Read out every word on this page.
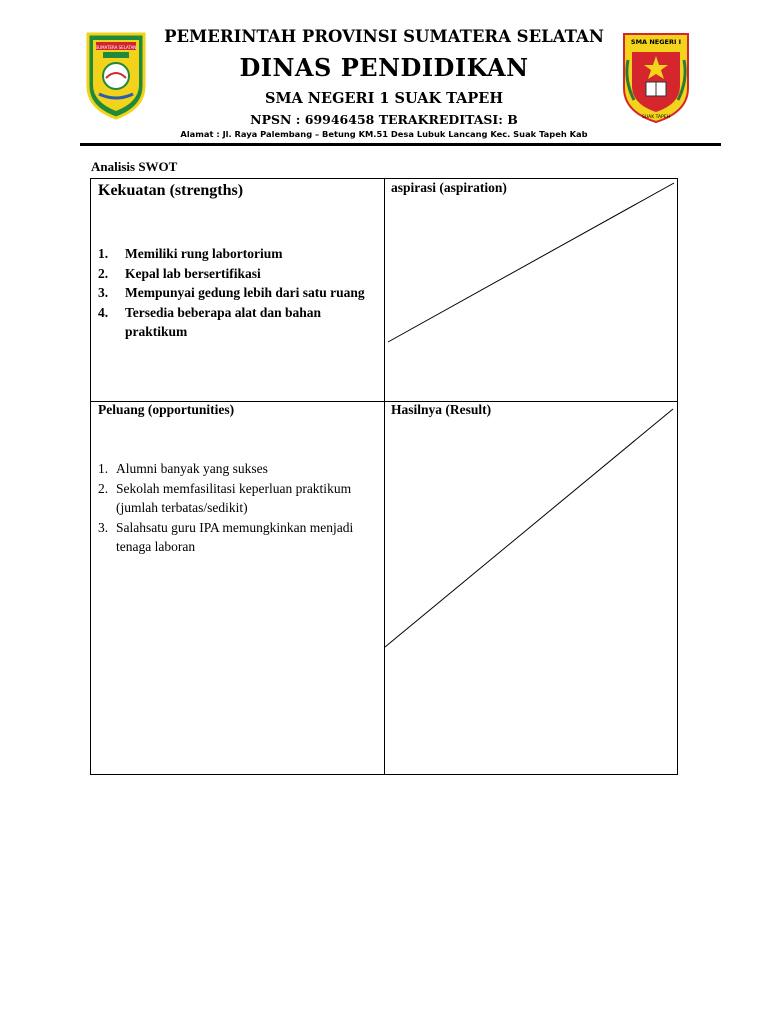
SUMATERA SELATAN
SMA NEGERI I
SUAK TAPEH
PEMERINTAH PROVINSI SUMATERA SELATAN
DINAS PENDIDIKAN
SMA NEGERI 1 SUAK TAPEH
NPSN : 69946458 TERAKREDITASI: B
Alamat : Jl. Raya Palembang – Betung KM.51 Desa Lubuk Lancang Kec. Suak Tapeh Kab
Analisis SWOT
Kekuatan (strengths)
1. Memiliki rung labortorium
2. Kepal lab bersertifikasi
3. Mempunyai gedung lebih dari satu ruang
4. Tersedia beberapa alat dan bahan praktikum
aspirasi (aspiration)
Peluang (opportunities)
1. Alumni banyak yang sukses
2. Sekolah memfasilitasi keperluan praktikum (jumlah terbatas/sedikit)
3. Salahsatu guru IPA memungkinkan menjadi tenaga laboran
Hasilnya (Result)
